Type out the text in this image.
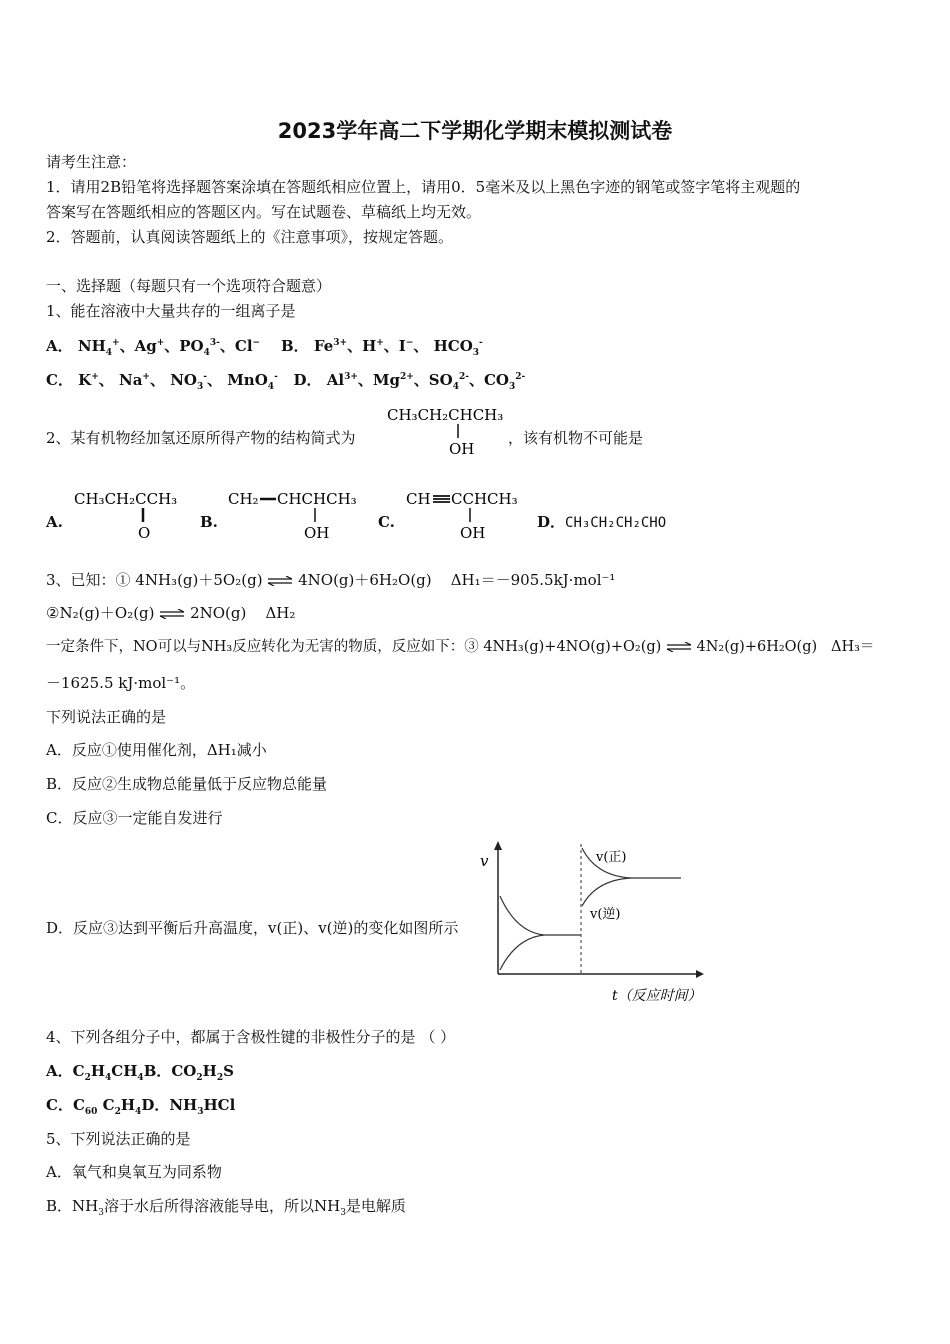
2023学年高二下学期化学期末模拟测试卷
请考生注意：
1．请用2B铅笔将选择题答案涂填在答题纸相应位置上，请用0．5毫米及以上黑色字迹的钢笔或签字笔将主观题的
答案写在答题纸相应的答题区内。写在试题卷、草稿纸上均无效。
2．答题前，认真阅读答题纸上的《注意事项》，按规定答题。
一、选择题（每题只有一个选项符合题意）
1、能在溶液中大量共存的一组离子是
A． $NH_4^+$、Ag+、$PO_4^{3-}$、Cl− B． $Fe^{3+}$、H+、I−、 $HCO_3^-$
C． K+、 Na+、 $NO_3^-$、 MnO$_4$- D． $Al^{3+}$、$Mg^{2+}$、$SO_4^{2-}$、$CO_3^{2-}$
2、某有机物经加氢还原所得产物的结构简式为
CH₃CH₂CHCH₃
OH
，该有机物不可能是
A.
CH₃CH₂CCH₃
O
B.
CH₂ CHCHCH₃
OH
C.
CH CCHCH₃
OH
D．CH₃CH₂CH₂CHO
3、已知：① 4NH₃(g)＋5O₂(g) ⇌ 4NO(g)＋6H₂O(g) ΔH₁＝－905.5kJ·mol⁻¹
②N₂(g)＋O₂(g) ⇌ 2NO(g) ΔH₂
一定条件下，NO可以与NH₃反应转化为无害的物质，反应如下：③ 4NH₃(g)+4NO(g)+O₂(g) ⇌ 4N₂(g)+6H₂O(g) ΔH₃＝
－1625.5 kJ·mol⁻¹。
下列说法正确的是
A．反应①使用催化剂，ΔH₁减小
B．反应②生成物总能量低于反应物总能量
C．反应③一定能自发进行
D．反应③达到平衡后升高温度，v(正)、v(逆)的变化如图所示
v	v(正)
v(逆)
t（反应时间）
4、下列各组分子中，都属于含极性键的非极性分子的是 （ ）
A．$C_2H_4CH_4B$．$CO_2H_2S$
C．$C_{60}$ $C_2H_4D$．$NH_3HCl$
5、下列说法正确的是
A．氧气和臭氧互为同系物
B．$NH_3$溶于水后所得溶液能导电，所以$NH_3$是电解质
